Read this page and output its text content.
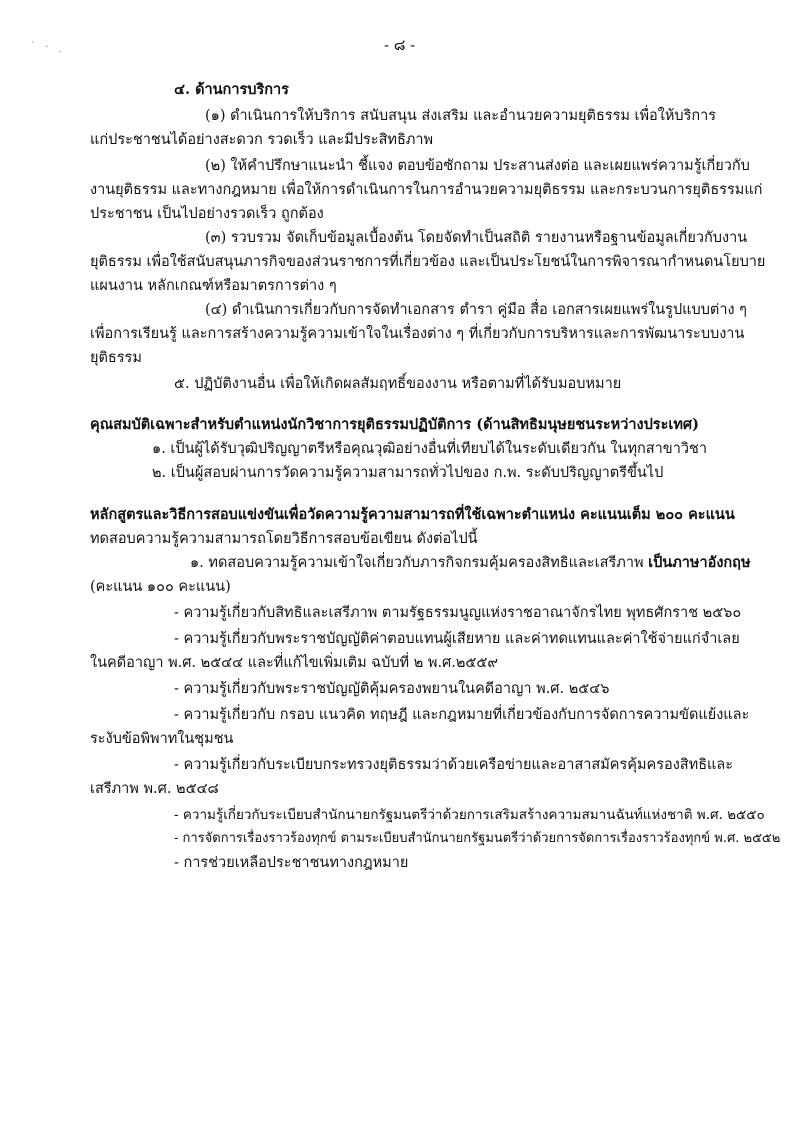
˙ · ˎ	- ๘ -
๔. ด้านการบริการ
(๑) ดำเนินการให้บริการ สนับสนุน ส่งเสริม และอำนวยความยุติธรรม เพื่อให้บริการ
แก่ประชาชนได้อย่างสะดวก รวดเร็ว และมีประสิทธิภาพ
(๒) ให้คำปรึกษาแนะนำ ชี้แจง ตอบข้อซักถาม ประสานส่งต่อ และเผยแพร่ความรู้เกี่ยวกับ
งานยุติธรรม และทางกฎหมาย เพื่อให้การดำเนินการในการอำนวยความยุติธรรม และกระบวนการยุติธรรมแก่
ประชาชน เป็นไปอย่างรวดเร็ว ถูกต้อง
(๓) รวบรวม จัดเก็บข้อมูลเบื้องต้น โดยจัดทำเป็นสถิติ รายงานหรือฐานข้อมูลเกี่ยวกับงาน
ยุติธรรม เพื่อใช้สนับสนุนภารกิจของส่วนราชการที่เกี่ยวข้อง และเป็นประโยชน์ในการพิจารณากำหนดนโยบาย
แผนงาน หลักเกณฑ์หรือมาตรการต่าง ๆ
(๔) ดำเนินการเกี่ยวกับการจัดทำเอกสาร ตำรา คู่มือ สื่อ เอกสารเผยแพร่ในรูปแบบต่าง ๆ
เพื่อการเรียนรู้ และการสร้างความรู้ความเข้าใจในเรื่องต่าง ๆ ที่เกี่ยวกับการบริหารและการพัฒนาระบบงาน
ยุติธรรม
๕. ปฏิบัติงานอื่น เพื่อให้เกิดผลสัมฤทธิ์ของงาน หรือตามที่ได้รับมอบหมาย
คุณสมบัติเฉพาะสำหรับตำแหน่งนักวิชาการยุติธรรมปฏิบัติการ (ด้านสิทธิมนุษยชนระหว่างประเทศ)
๑. เป็นผู้ได้รับวุฒิปริญญาตรีหรือคุณวุฒิอย่างอื่นที่เทียบได้ในระดับเดียวกัน ในทุกสาขาวิชา
๒. เป็นผู้สอบผ่านการวัดความรู้ความสามารถทั่วไปของ ก.พ. ระดับปริญญาตรีขึ้นไป
หลักสูตรและวิธีการสอบแข่งขันเพื่อวัดความรู้ความสามารถที่ใช้เฉพาะตำแหน่ง คะแนนเต็ม ๒๐๐ คะแนน
ทดสอบความรู้ความสามารถโดยวิธีการสอบข้อเขียน ดังต่อไปนี้
๑. ทดสอบความรู้ความเข้าใจเกี่ยวกับภารกิจกรมคุ้มครองสิทธิและเสรีภาพ เป็นภาษาอังกฤษ
(คะแนน ๑๐๐ คะแนน)
- ความรู้เกี่ยวกับสิทธิและเสรีภาพ ตามรัฐธรรมนูญแห่งราชอาณาจักรไทย พุทธศักราช ๒๕๖๐
- ความรู้เกี่ยวกับพระราชบัญญัติค่าตอบแทนผู้เสียหาย และค่าทดแทนและค่าใช้จ่ายแก่จำเลย
ในคดีอาญา พ.ศ. ๒๕๔๔ และที่แก้ไขเพิ่มเติม ฉบับที่ ๒ พ.ศ.๒๕๕๙
- ความรู้เกี่ยวกับพระราชบัญญัติคุ้มครองพยานในคดีอาญา พ.ศ. ๒๕๔๖
- ความรู้เกี่ยวกับ กรอบ แนวคิด ทฤษฎี และกฎหมายที่เกี่ยวข้องกับการจัดการความขัดแย้งและ
ระงับข้อพิพาทในชุมชน
- ความรู้เกี่ยวกับระเบียบกระทรวงยุติธรรมว่าด้วยเครือข่ายและอาสาสมัครคุ้มครองสิทธิและ
เสรีภาพ พ.ศ. ๒๕๔๘
- ความรู้เกี่ยวกับระเบียบสำนักนายกรัฐมนตรีว่าด้วยการเสริมสร้างความสมานฉันท์แห่งชาติ พ.ศ. ๒๕๕๐
- การจัดการเรื่องราวร้องทุกข์ ตามระเบียบสำนักนายกรัฐมนตรีว่าด้วยการจัดการเรื่องราวร้องทุกข์ พ.ศ. ๒๕๕๒
- การช่วยเหลือประชาชนทางกฎหมาย
